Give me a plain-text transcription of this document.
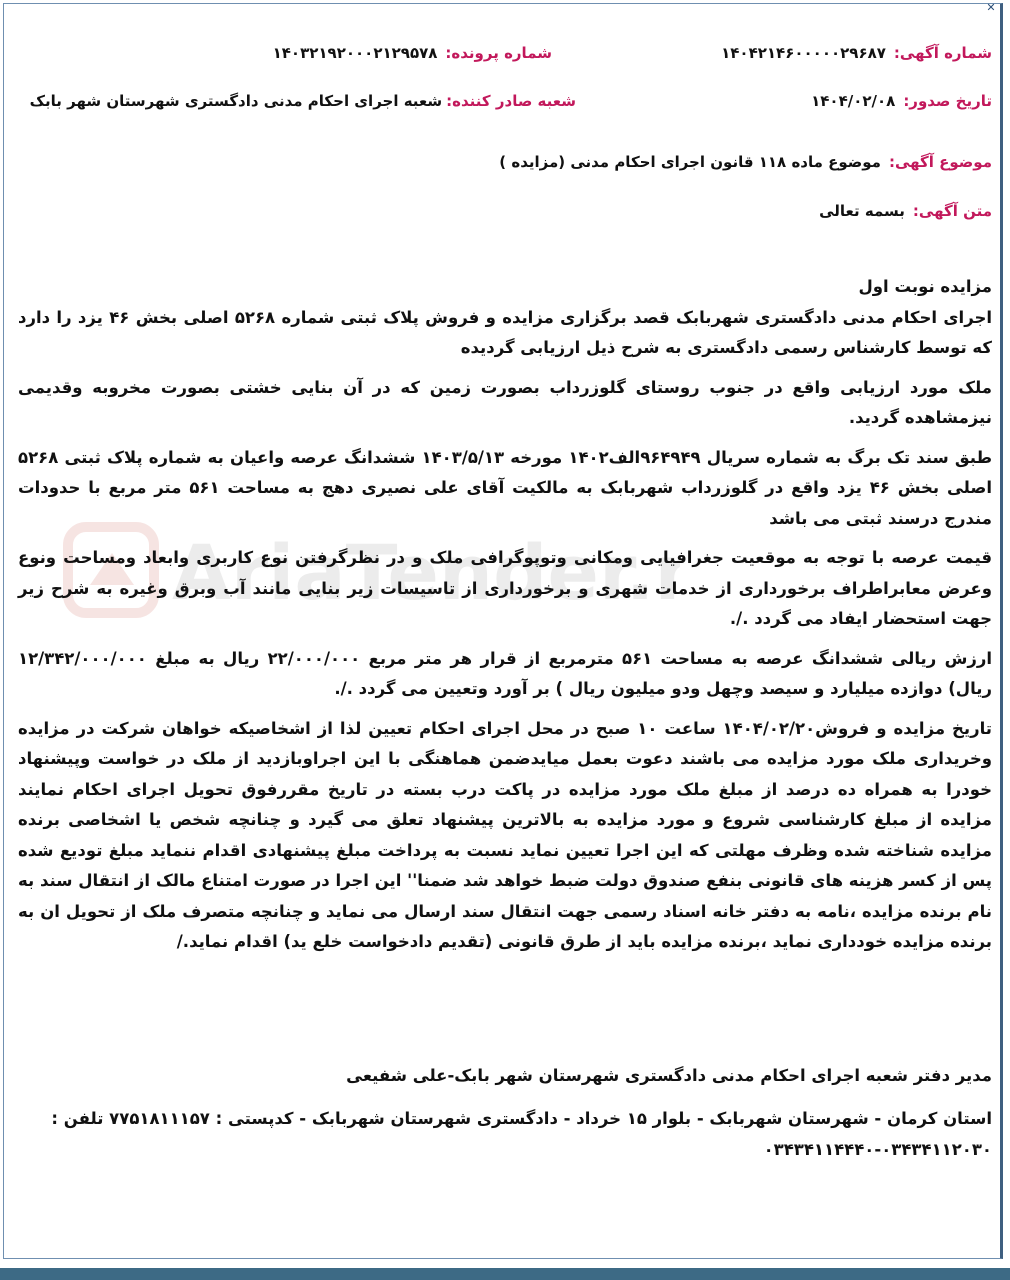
✕
AriaTender.
شماره آگهی:۱۴۰۴۲۱۴۶۰۰۰۰۰۲۹۶۸۷
شماره پرونده:۱۴۰۳۲۱۹۲۰۰۰۲۱۲۹۵۷۸
تاریخ صدور:۱۴۰۴/۰۲/۰۸
شعبه صادر کننده:شعبه اجرای احکام مدنی دادگستری شهرستان شهر بابک
موضوع آگهی:موضوع ماده ۱۱۸ قانون اجرای احکام مدنی (مزایده )
متن آگهی:بسمه تعالی

مزایده نوبت اول

اجرای احکام مدنی دادگستری شهربابک قصد برگزاری مزایده و فروش پلاک ثبتی شماره ۵۲۶۸ اصلی بخش ۴۶ یزد را دارد که توسط کارشناس رسمی دادگستری به شرح ذیل ارزیابی گردیده

ملک مورد ارزیابی واقع در جنوب روستای گلوزرداب بصورت زمین که در آن بنایی خشتی بصورت مخروبه وقدیمی نیزمشاهده گردید.

طبق سند تک برگ به شماره سریال ۹۶۴۹۴۹الف۱۴۰۲ مورخه ۱۴۰۳/۵/۱۳ ششدانگ عرصه واعیان به شماره پلاک ثبتی ۵۲۶۸ اصلی بخش ۴۶ یزد واقع در گلوزرداب شهربابک به مالکیت آقای علی نصیری دهج به مساحت ۵۶۱ متر مربع با حدودات مندرج درسند ثبتی می باشد

قیمت عرصه با توجه به موقعیت جغرافیایی ومکانی وتوپوگرافی ملک و در نظرگرفتن نوع کاربری وابعاد ومساحت ونوع وعرض معابراطراف برخورداری از خدمات شهری و برخورداری از تاسیسات زیر بنایی مانند آب وبرق وغیره به شرح زیر جهت استحضار ایفاد می گردد ./.

ارزش ریالی ششدانگ عرصه به مساحت ۵۶۱ مترمربع از قرار هر متر مربع ۲۲/۰۰۰/۰۰۰ ریال به مبلغ ۱۲/۳۴۲/۰۰۰/۰۰۰ ریال) دوازده میلیارد و سیصد وچهل ودو میلیون ریال ) بر آورد وتعیین می گردد ./.

تاریخ مزایده و فروش۱۴۰۴/۰۲/۲۰ ساعت ۱۰ صبح در محل اجرای احکام تعیین لذا از اشخاصیکه خواهان شرکت در مزایده وخریداری ملک مورد مزایده می باشند دعوت بعمل میایدضمن هماهنگی با این اجراوبازدید از ملک در خواست وپیشنهاد خودرا به همراه ده درصد از مبلغ ملک مورد مزایده در پاکت درب بسته در تاریخ مقررفوق تحویل اجرای احکام نمایند مزایده از مبلغ کارشناسی شروع و مورد مزایده به بالاترین پیشنهاد تعلق می گیرد و چنانچه شخص یا اشخاصی برنده مزایده شناخته شده وظرف مهلتی که این اجرا تعیین نماید نسبت به پرداخت مبلغ پیشنهادی اقدام ننماید مبلغ تودیع شده پس از کسر هزینه های قانونی بنفع صندوق دولت ضبط خواهد شد ضمنا'' این اجرا در صورت امتناع مالک از انتقال سند به نام برنده مزایده ،نامه به دفتر خانه اسناد رسمی جهت انتقال سند ارسال می نماید و چنانچه متصرف ملک از تحویل ان به برنده مزایده خودداری نماید ،برنده مزایده باید از طرق قانونی (تقدیم دادخواست خلع ید) اقدام نماید./

مدیر دفتر شعبه اجرای احکام مدنی دادگستری شهرستان شهر بابک-علی شفیعی

استان کرمان - شهرستان شهربابک - بلوار ۱۵ خرداد - دادگستری شهرستان شهربابک - کدپستی : ۷۷۵۱۸۱۱۱۵۷ تلفن : ۰۳۴۳۴۱۱۲۰۳۰-۰۳۴۳۴۱۱۴۴۴۰
